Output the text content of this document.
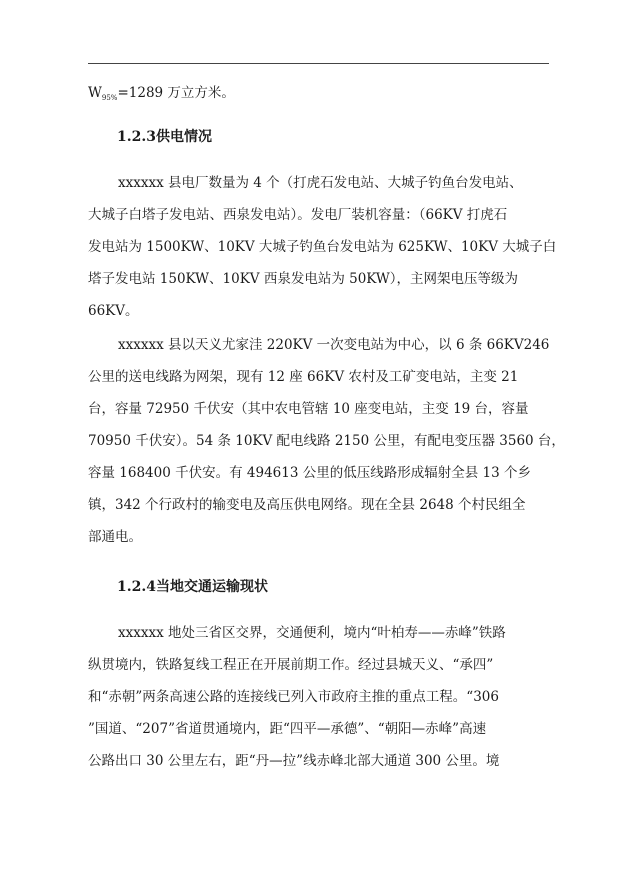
$W_{95\%}=1289$ 万立方米。
1.2.3供电情况
xxxxxx 县电厂数量为 4 个（打虎石发电站、大城子钓鱼台发电站、
大城子白塔子发电站、西泉发电站）。发电厂装机容量：（66KV 打虎石
发电站为 1500KW、10KV 大城子钓鱼台发电站为 625KW、10KV 大城子白
塔子发电站 150KW、10KV 西泉发电站为 50KW），主网架电压等级为
66KV。
xxxxxx 县以天义尤家洼 220KV 一次变电站为中心，以 6 条 66KV246
公里的送电线路为网架，现有 12 座 66KV 农村及工矿变电站，主变 21
台，容量 72950 千伏安（其中农电管辖 10 座变电站，主变 19 台，容量
70950 千伏安）。54 条 10KV 配电线路 2150 公里，有配电变压器 3560 台，
容量 168400 千伏安。有 494613 公里的低压线路形成辐射全县 13 个乡
镇，342 个行政村的输变电及高压供电网络。现在全县 2648 个村民组全
部通电。
1.2.4当地交通运输现状
xxxxxx 地处三省区交界，交通便利，境内“叶柏寿——赤峰”铁路
纵贯境内，铁路复线工程正在开展前期工作。经过县城天义、“承四”
和“赤朝”两条高速公路的连接线已列入市政府主推的重点工程。“306
”国道、“207”省道贯通境内，距“四平—承德”、“朝阳—赤峰”高速
公路出口 30 公里左右，距“丹—拉”线赤峰北部大通道 300 公里。境
